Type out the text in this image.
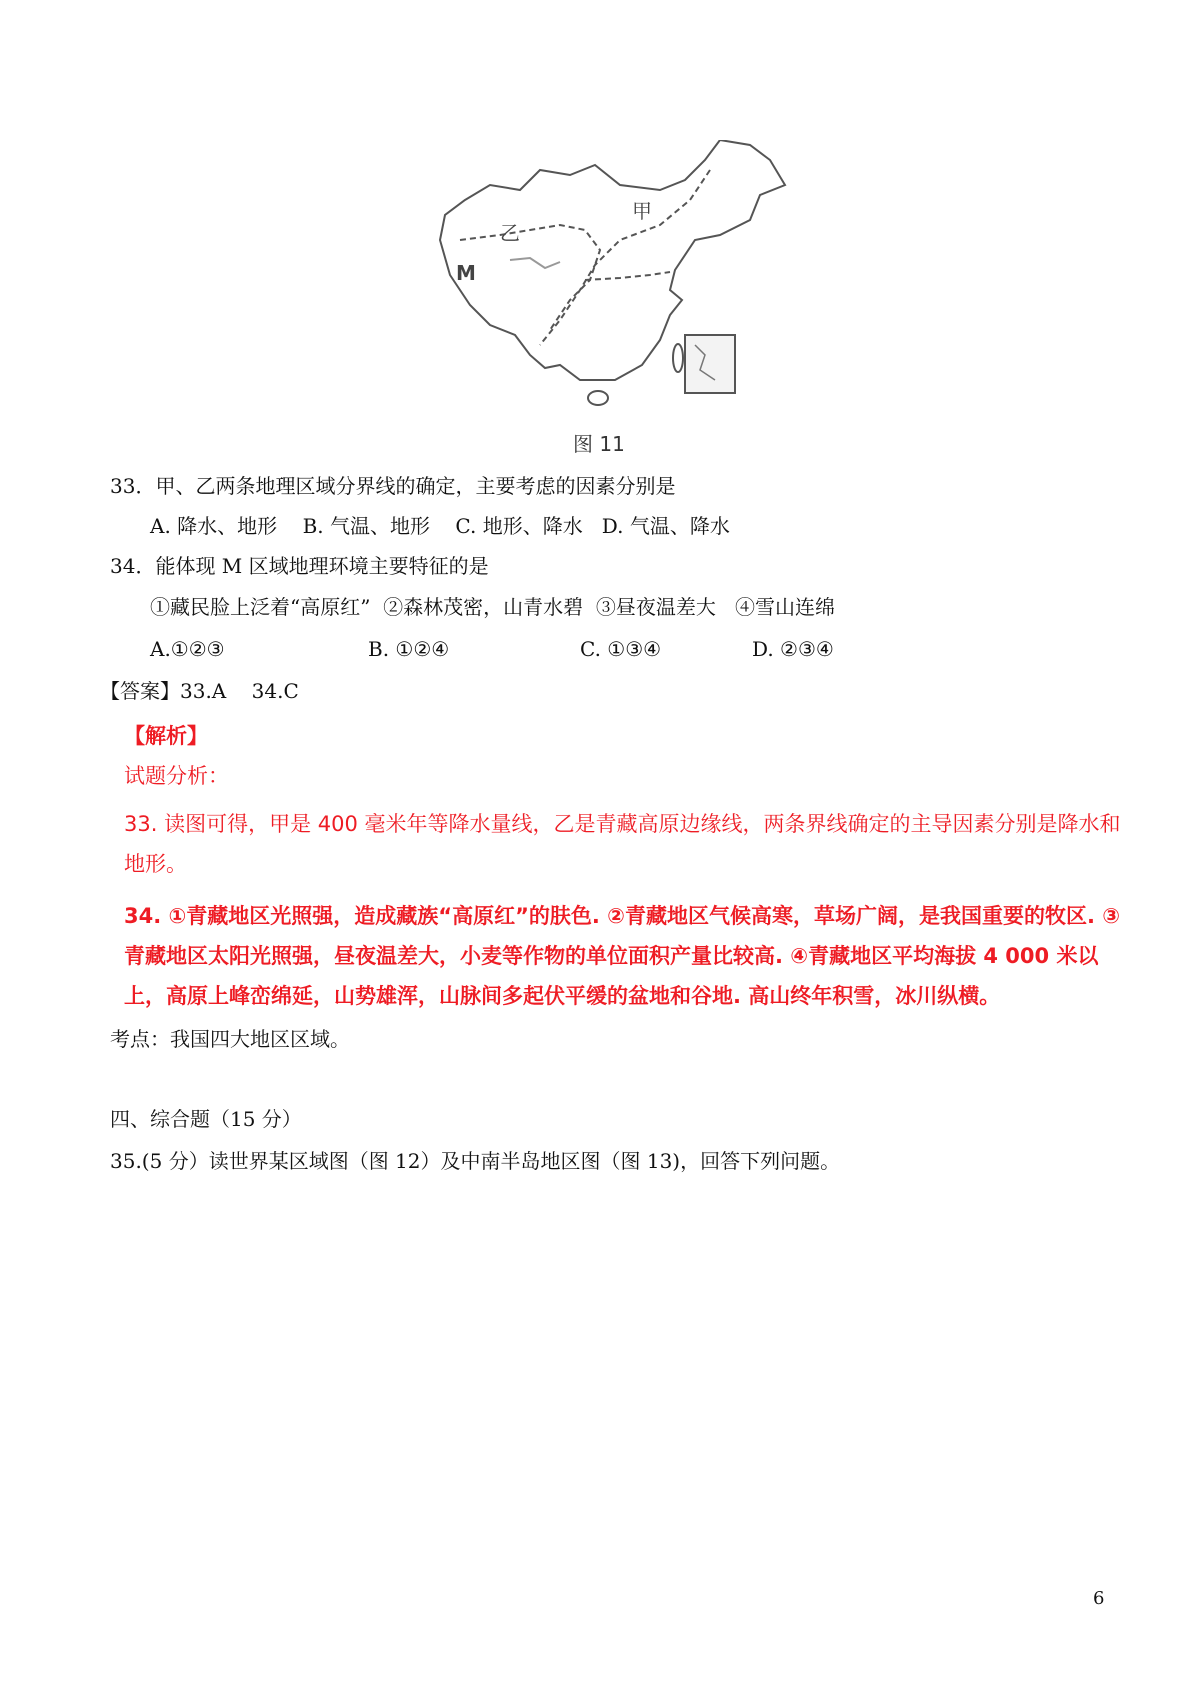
甲
乙
M
图 11
33．甲、乙两条地理区域分界线的确定，主要考虑的因素分别是
A. 降水、地形    B. 气温、地形    C. 地形、降水   D. 气温、降水
34．能体现 M 区域地理环境主要特征的是
①藏民脸上泛着“高原红”  ②森林茂密，山青水碧  ③昼夜温差大   ④雪山连绵
A.①②③	B. ①②④	C. ①③④	D. ②③④
【答案】33.A    34.C
【解析】
试题分析：
33. 读图可得，甲是 400 毫米年等降水量线，乙是青藏高原边缘线，两条界线确定的主导因素分别是降水和地形。
34. ①青藏地区光照强，造成藏族“高原红”的肤色. ②青藏地区气候高寒，草场广阔，是我国重要的牧区. ③青藏地区太阳光照强，昼夜温差大，小麦等作物的单位面积产量比较高. ④青藏地区平均海拔 4 000 米以上，高原上峰峦绵延，山势雄浑，山脉间多起伏平缓的盆地和谷地. 高山终年积雪，冰川纵横。
考点：我国四大地区区域。
四、综合题（15 分）
35.(5 分）读世界某区域图（图 12）及中南半岛地区图（图 13)，回答下列问题。
6
